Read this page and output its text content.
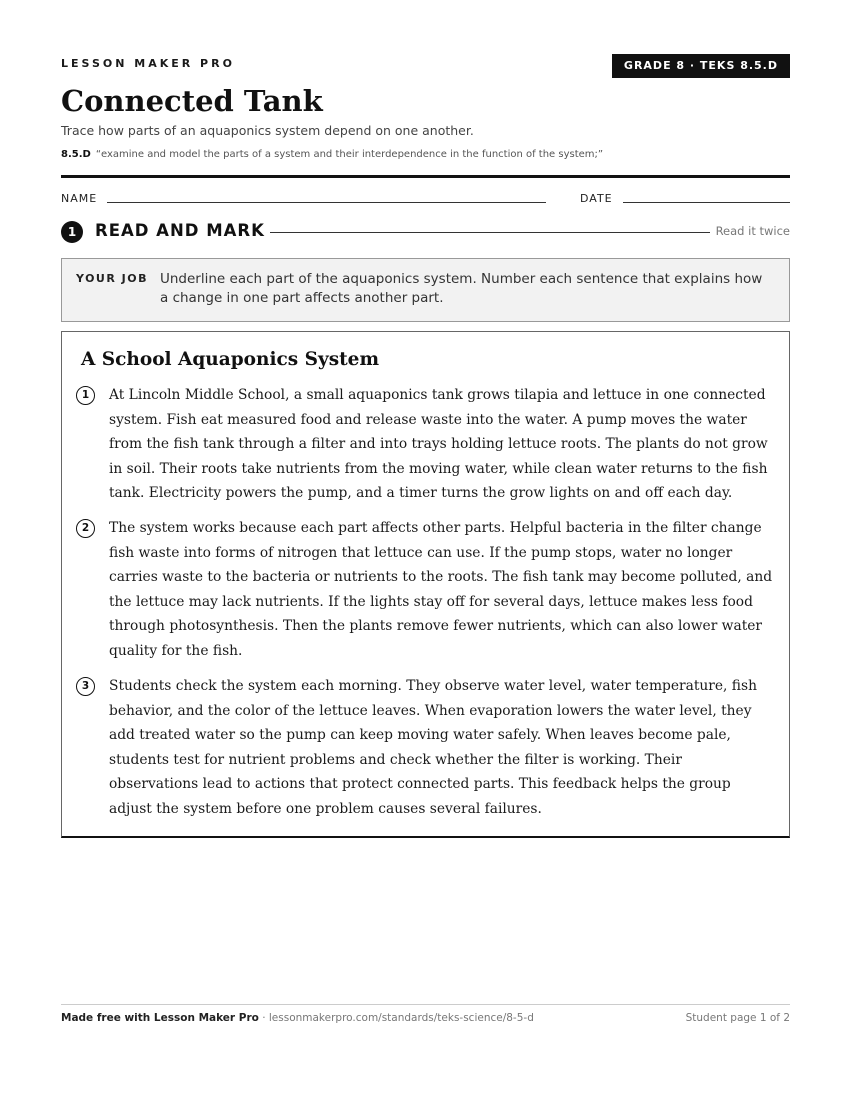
LESSON MAKER PRO	GRADE 8 · TEKS 8.5.D
Connected Tank
Trace how parts of an aquaponics system depend on one another.
8.5.D “examine and model the parts of a system and their interdependence in the function of the system;”
NAME	DATE
1	READ AND MARK	Read it twice
YOUR JOB Underline each part of the aquaponics system. Number each sentence that explains how a change in one part affects another part.
A School Aquaponics System
1	At Lincoln Middle School, a small aquaponics tank grows tilapia and lettuce in one connected system. Fish eat measured food and release waste into the water. A pump moves the water from the fish tank through a filter and into trays holding lettuce roots. The plants do not grow in soil. Their roots take nutrients from the moving water, while clean water returns to the fish tank. Electricity powers the pump, and a timer turns the grow lights on and off each day.
2	The system works because each part affects other parts. Helpful bacteria in the filter change fish waste into forms of nitrogen that lettuce can use. If the pump stops, water no longer carries waste to the bacteria or nutrients to the roots. The fish tank may become polluted, and the lettuce may lack nutrients. If the lights stay off for several days, lettuce makes less food through photosynthesis. Then the plants remove fewer nutrients, which can also lower water quality for the fish.
3	Students check the system each morning. They observe water level, water temperature, fish behavior, and the color of the lettuce leaves. When evaporation lowers the water level, they add treated water so the pump can keep moving water safely. When leaves become pale, students test for nutrient problems and check whether the filter is working. Their observations lead to actions that protect connected parts. This feedback helps the group adjust the system before one problem causes several failures.
Made free with Lesson Maker Pro · lessonmakerpro.com/standards/teks-science/8-5-d	Student page 1 of 2
